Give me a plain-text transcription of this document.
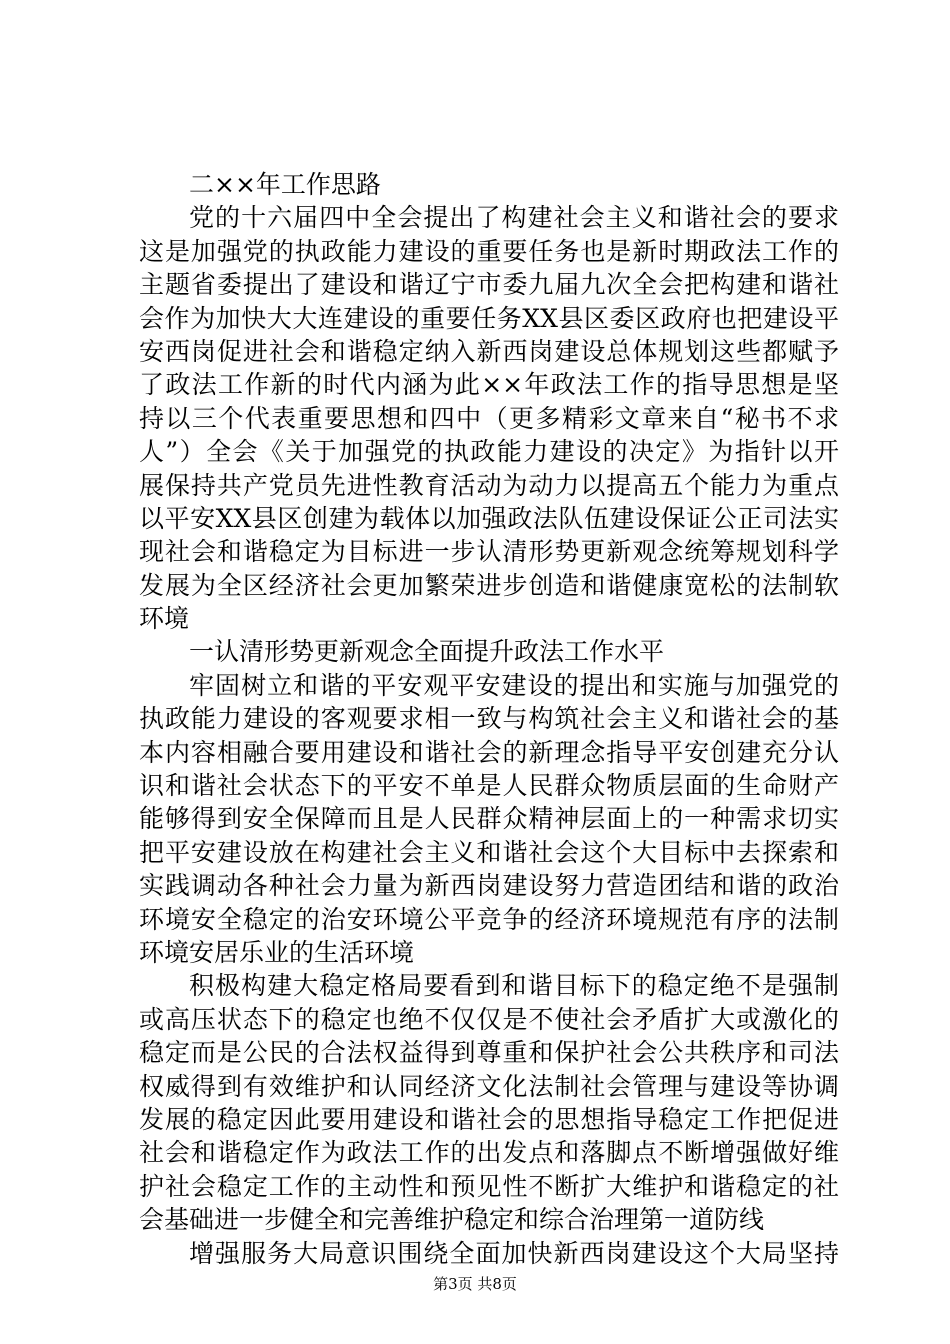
二××年工作思路
党的十六届四中全会提出了构建社会主义和谐社会的要求
这是加强党的执政能力建设的重要任务也是新时期政法工作的
主题省委提出了建设和谐辽宁市委九届九次全会把构建和谐社
会作为加快大大连建设的重要任务XX县区委区政府也把建设平
安西岗促进社会和谐稳定纳入新西岗建设总体规划这些都赋予
了政法工作新的时代内涵为此××年政法工作的指导思想是坚
持以三个代表重要思想和四中（更多精彩文章来自“秘书不求
人”）全会《关于加强党的执政能力建设的决定》为指针以开
展保持共产党员先进性教育活动为动力以提高五个能力为重点
以平安XX县区创建为载体以加强政法队伍建设保证公正司法实
现社会和谐稳定为目标进一步认清形势更新观念统筹规划科学
发展为全区经济社会更加繁荣进步创造和谐健康宽松的法制软
环境
一认清形势更新观念全面提升政法工作水平
牢固树立和谐的平安观平安建设的提出和实施与加强党的
执政能力建设的客观要求相一致与构筑社会主义和谐社会的基
本内容相融合要用建设和谐社会的新理念指导平安创建充分认
识和谐社会状态下的平安不单是人民群众物质层面的生命财产
能够得到安全保障而且是人民群众精神层面上的一种需求切实
把平安建设放在构建社会主义和谐社会这个大目标中去探索和
实践调动各种社会力量为新西岗建设努力营造团结和谐的政治
环境安全稳定的治安环境公平竞争的经济环境规范有序的法制
环境安居乐业的生活环境
积极构建大稳定格局要看到和谐目标下的稳定绝不是强制
或高压状态下的稳定也绝不仅仅是不使社会矛盾扩大或激化的
稳定而是公民的合法权益得到尊重和保护社会公共秩序和司法
权威得到有效维护和认同经济文化法制社会管理与建设等协调
发展的稳定因此要用建设和谐社会的思想指导稳定工作把促进
社会和谐稳定作为政法工作的出发点和落脚点不断增强做好维
护社会稳定工作的主动性和预见性不断扩大维护和谐稳定的社
会基础进一步健全和完善维护稳定和综合治理第一道防线
增强服务大局意识围绕全面加快新西岗建设这个大局坚持
第3页 共8页
